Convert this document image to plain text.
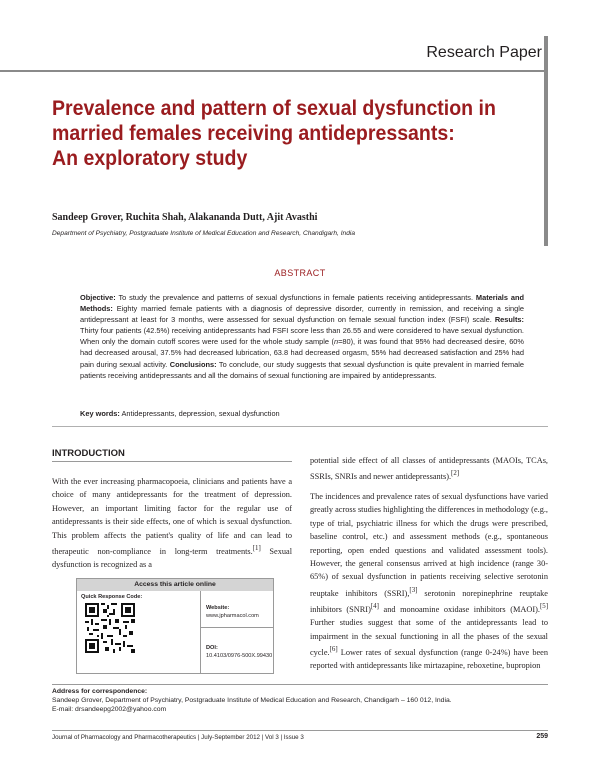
Research Paper
Prevalence and pattern of sexual dysfunction in
married females receiving antidepressants:
An exploratory study
Sandeep Grover, Ruchita Shah, Alakananda Dutt, Ajit Avasthi
Department of Psychiatry, Postgraduate Institute of Medical Education and Research, Chandigarh, India
ABSTRACT
Objective: To study the prevalence and patterns of sexual dysfunctions in female patients receiving antidepressants. Materials and Methods: Eighty married female patients with a diagnosis of depressive disorder, currently in remission, and receiving a single antidepressant at least for 3 months, were assessed for sexual dysfunction on female sexual function index (FSFI) scale. Results: Thirty four patients (42.5%) receiving antidepressants had FSFI score less than 26.55 and were considered to have sexual dysfunction. When only the domain cutoff scores were used for the whole study sample (n=80), it was found that 95% had decreased desire, 60% had decreased arousal, 37.5% had decreased lubrication, 63.8 had decreased orgasm, 55% had decreased satisfaction and 25% had pain during sexual activity. Conclusions: To conclude, our study suggests that sexual dysfunction is quite prevalent in married female patients receiving antidepressants and all the domains of sexual functioning are impaired by antidepressants.
Key words: Antidepressants, depression, sexual dysfunction
INTRODUCTION
With the ever increasing pharmacopoeia, clinicians and patients have a choice of many antidepressants for the treatment of depression. However, an important limiting factor for the regular use of antidepressants is their side effects, one of which is sexual dysfunction. This problem affects the patient's quality of life and can lead to therapeutic non-compliance in long-term treatments.[1] Sexual dysfunction is recognized as a
potential side effect of all classes of antidepressants (MAOIs, TCAs, SSRIs, SNRIs and newer antidepressants).[2]
The incidences and prevalence rates of sexual dysfunctions have varied greatly across studies highlighting the differences in methodology (e.g., type of trial, psychiatric illness for which the drugs were prescribed, baseline control, etc.) and assessment methods (e.g., spontaneous reporting, open ended questions and validated assessment tools). However, the general consensus arrived at high incidence (range 30-65%) of sexual dysfunction in patients receiving selective serotonin reuptake inhibitors (SSRI),[3] serotonin norepinephrine reuptake inhibitors (SNRI)[4] and monoamine oxidase inhibitors (MAOI).[5] Further studies suggest that some of the antidepressants lead to impairment in the sexual functioning in all the phases of the sexual cycle.[6] Lower rates of sexual dysfunction (range 0-24%) have been reported with antidepressants like mirtazapine, reboxetine, bupropion
Access this article online
Quick Response Code:
Website:
www.jpharmacol.com
DOI:
10.4103/0976-500X.99430
Address for correspondence:
Sandeep Grover, Department of Psychiatry, Postgraduate Institute of Medical Education and Research, Chandigarh – 160 012, India.
E-mail: drsandeepg2002@yahoo.com
Journal of Pharmacology and Pharmacotherapeutics | July-September 2012 | Vol 3 | Issue 3	259
